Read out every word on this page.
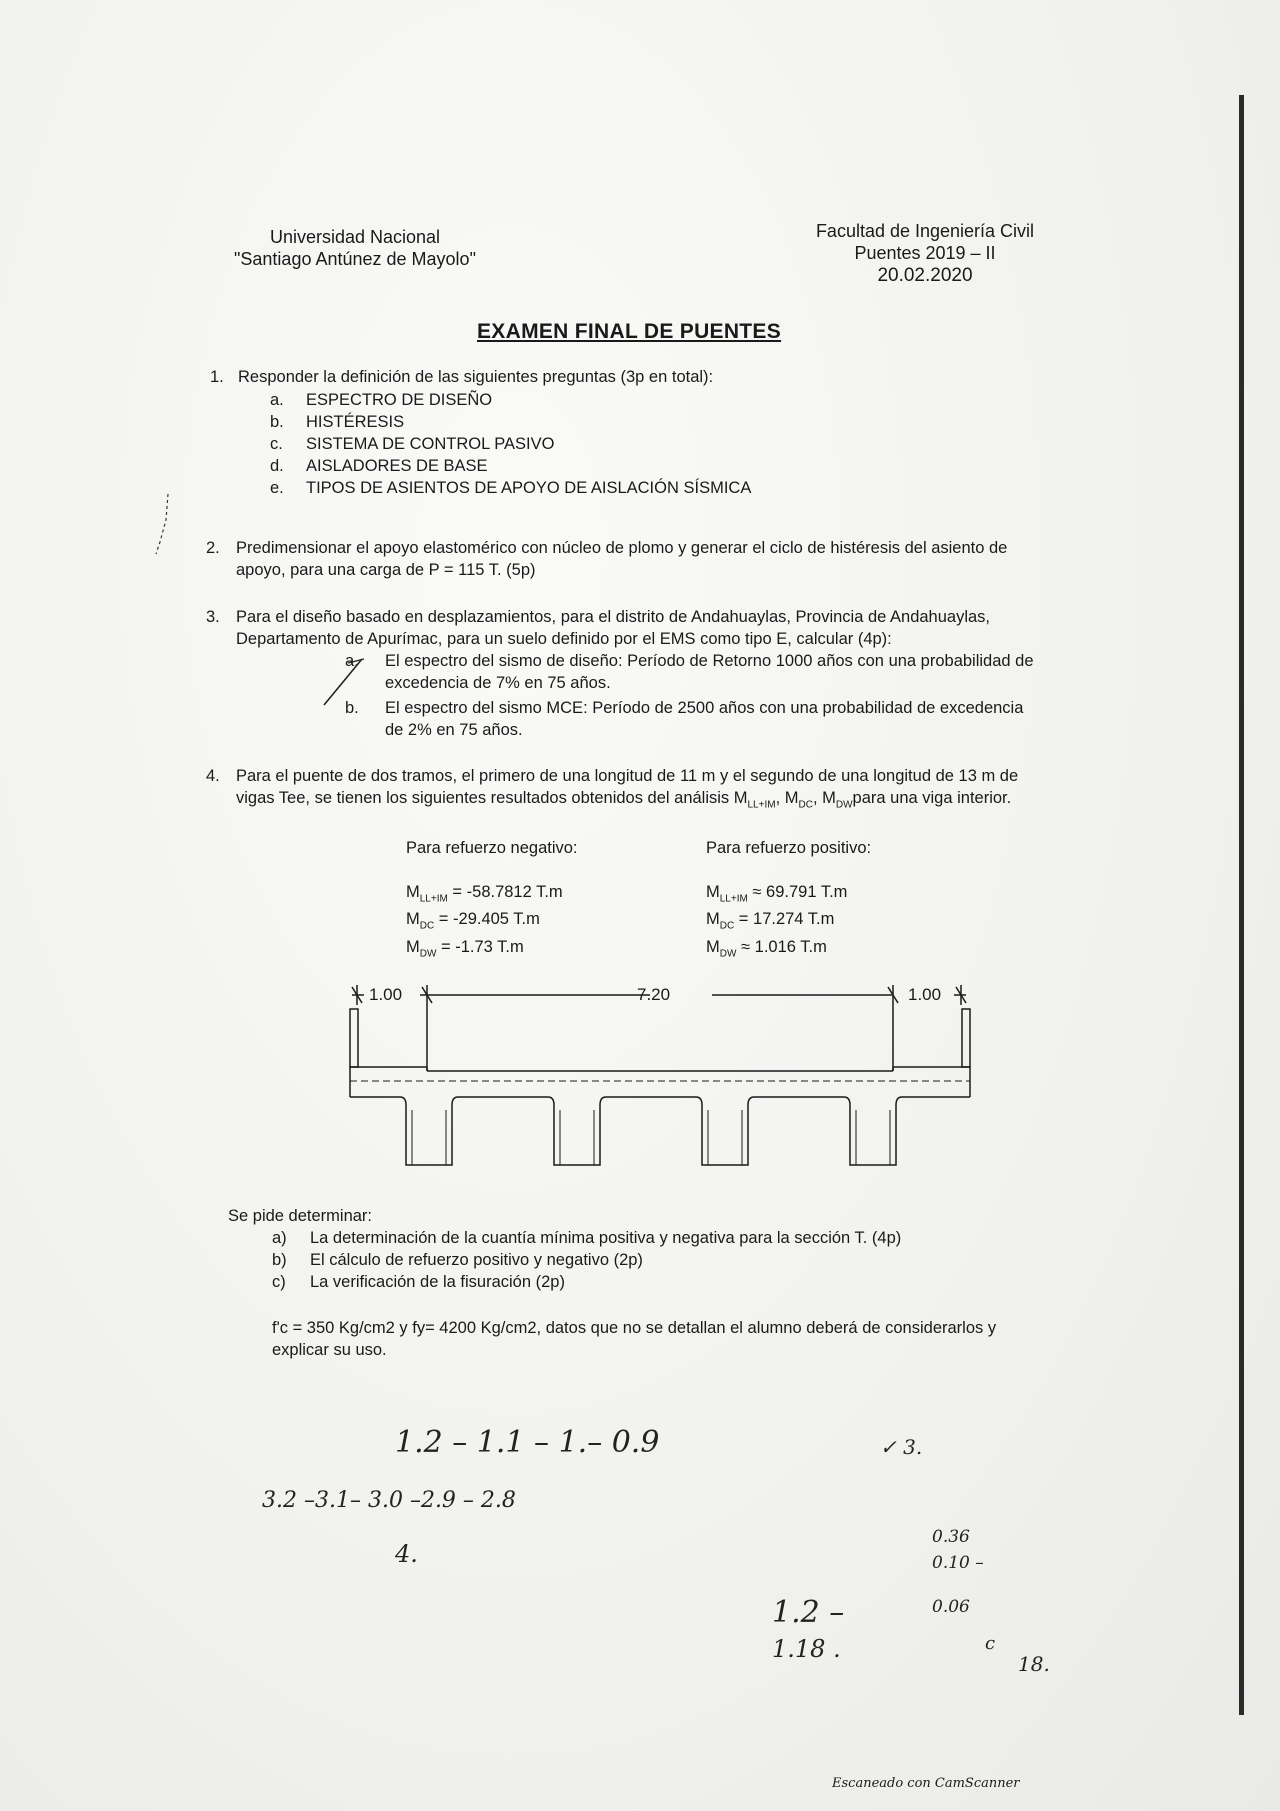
Universidad Nacional
"Santiago Antúnez de Mayolo"
Facultad de Ingeniería Civil
Puentes 2019 – II
20.02.2020
EXAMEN FINAL DE PUENTES
1. Responder la definición de las siguientes preguntas (3p en total):
a. ESPECTRO DE DISEÑO
b. HISTÉRESIS
c. SISTEMA DE CONTROL PASIVO
d. AISLADORES DE BASE
e. TIPOS DE ASIENTOS DE APOYO DE AISLACIÓN SÍSMICA
2. Predimensionar el apoyo elastomérico con núcleo de plomo y generar el ciclo de histéresis del asiento de
apoyo, para una carga de P = 115 T. (5p)
3. Para el diseño basado en desplazamientos, para el distrito de Andahuaylas, Provincia de Andahuaylas,
Departamento de Apurímac, para un suelo definido por el EMS como tipo E, calcular (4p):
a. El espectro del sismo de diseño: Período de Retorno 1000 años con una probabilidad de
excedencia de 7% en 75 años.
b. El espectro del sismo MCE: Período de 2500 años con una probabilidad de excedencia
de 2% en 75 años.
4. Para el puente de dos tramos, el primero de una longitud de 11 m y el segundo de una longitud de 13 m de
vigas Tee, se tienen los siguientes resultados obtenidos del análisis $M_{LL+IM}$, $M_{DC}$, $M_{DW}para$ una viga interior.
Para refuerzo negativo:	Para refuerzo positivo:
$M_{LL+IM} = -58.7812$ T.m
$M_{DC} = -29.405$ T.m
$M_{DW} = -1.73$ T.m
$M_{LL+IM} \approx 69.791$ T.m
$M_{DC} = 17.274$ T.m
$M_{DW} \approx 1.016$ T.m
1.00	7.20	1.00
Se pide determinar:
a) La determinación de la cuantía mínima positiva y negativa para la sección T. (4p)
b) El cálculo de refuerzo positivo y negativo (2p)
c) La verificación de la fisuración (2p)
f'c = 350 Kg/cm2 y fy= 4200 Kg/cm2, datos que no se detallan el alumno deberá de considerarlos y
explicar su uso.
1.2 – 1.1 – 1.– 0.9	✓ 3.
3.2 –3.1– 3.0 –2.9 – 2.8
4.
0.36
0.10 –
0.06
1.2 –
1.18 .	c
18.
Escaneado con CamScanner
